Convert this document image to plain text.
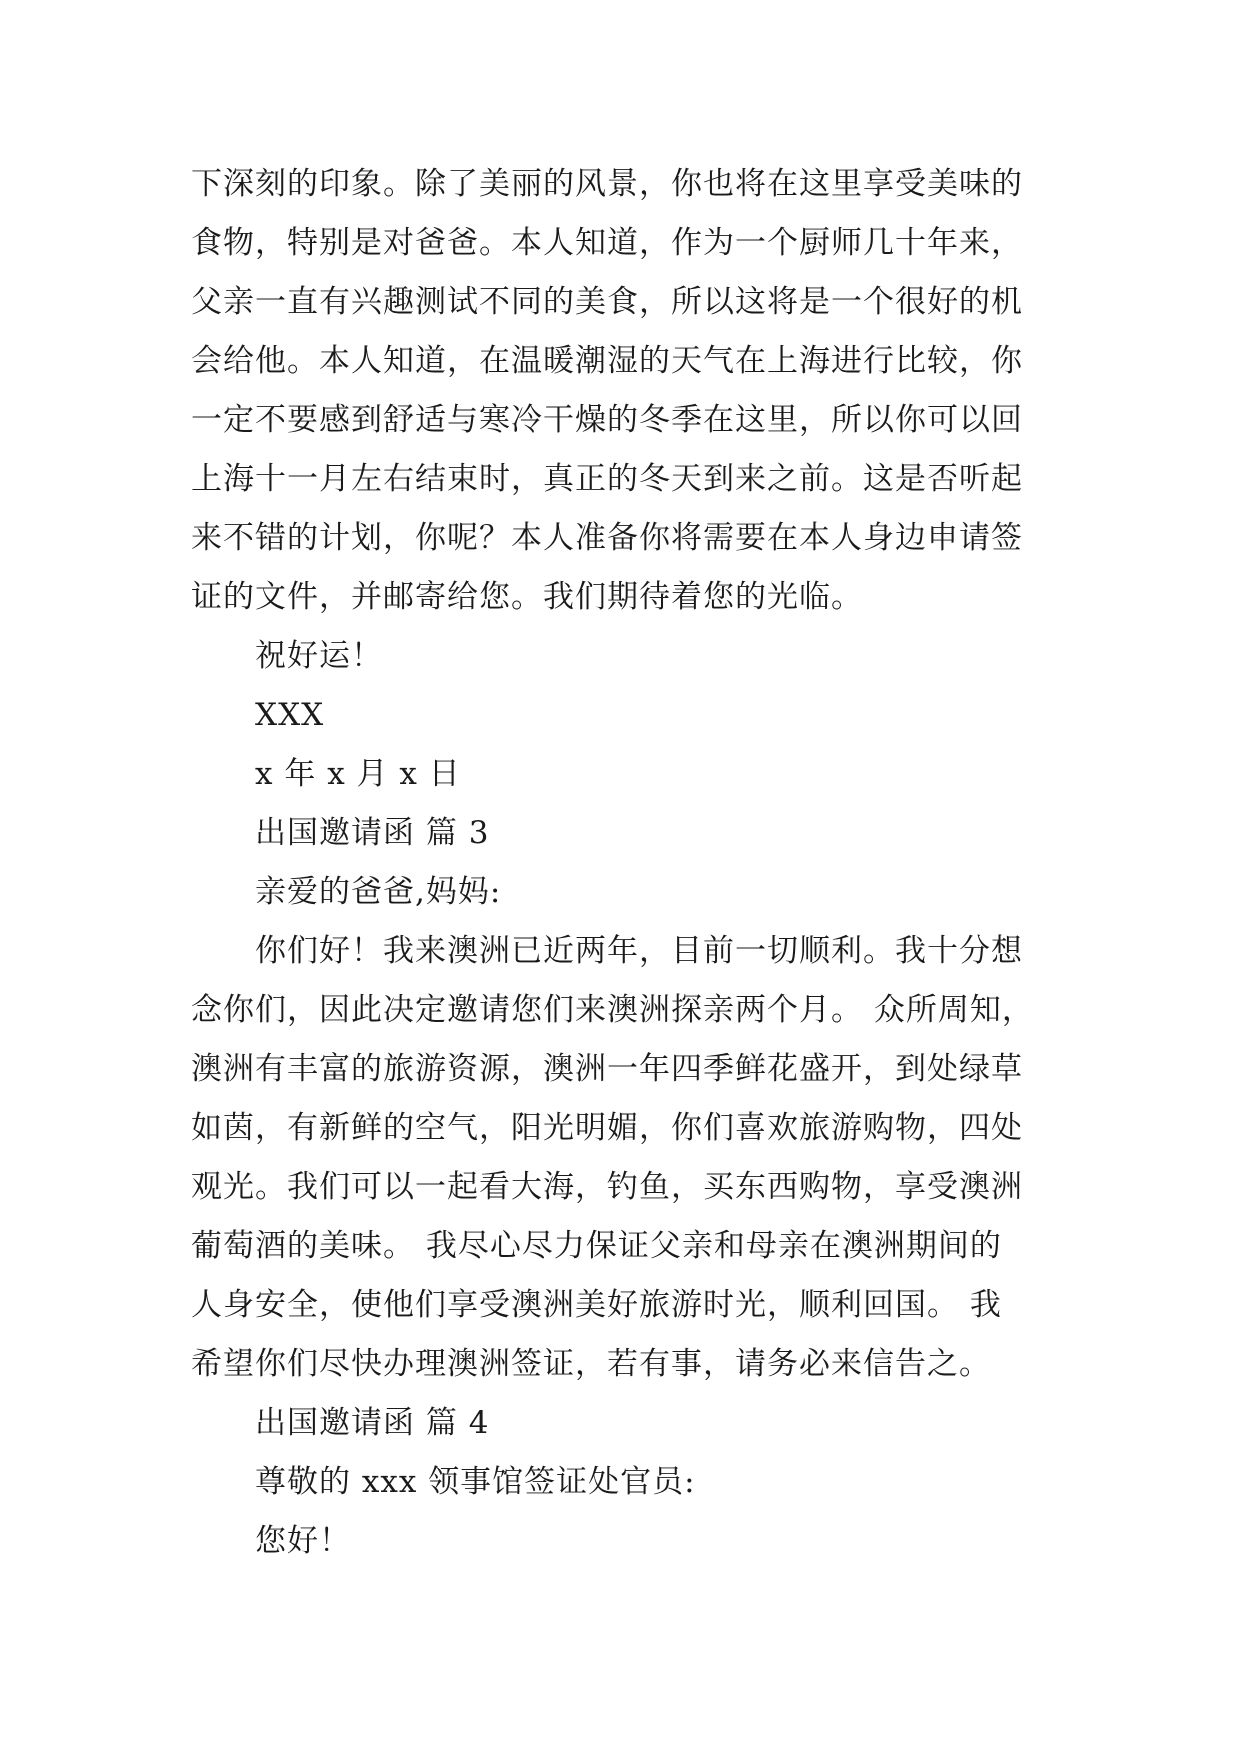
下深刻的印象。除了美丽的风景，你也将在这里享受美味的

食物，特别是对爸爸。本人知道，作为一个厨师几十年来，

父亲一直有兴趣测试不同的美食，所以这将是一个很好的机

会给他。本人知道，在温暖潮湿的天气在上海进行比较，你

一定不要感到舒适与寒冷干燥的冬季在这里，所以你可以回

上海十一月左右结束时，真正的冬天到来之前。这是否听起

来不错的计划，你呢？本人准备你将需要在本人身边申请签

证的文件，并邮寄给您。我们期待着您的光临。

祝好运！

XXX

x 年 x 月 x 日

出国邀请函 篇 3

亲爱的爸爸,妈妈:

你们好！我来澳洲已近两年，目前一切顺利。我十分想

念你们，因此决定邀请您们来澳洲探亲两个月。 众所周知，

澳洲有丰富的旅游资源，澳洲一年四季鲜花盛开，到处绿草

如茵，有新鲜的空气，阳光明媚，你们喜欢旅游购物，四处

观光。我们可以一起看大海，钓鱼，买东西购物，享受澳洲

葡萄酒的美味。 我尽心尽力保证父亲和母亲在澳洲期间的

人身安全，使他们享受澳洲美好旅游时光，顺利回国。 我

希望你们尽快办理澳洲签证，若有事，请务必来信告之。

出国邀请函 篇 4

尊敬的 xxx 领事馆签证处官员:

您好！
